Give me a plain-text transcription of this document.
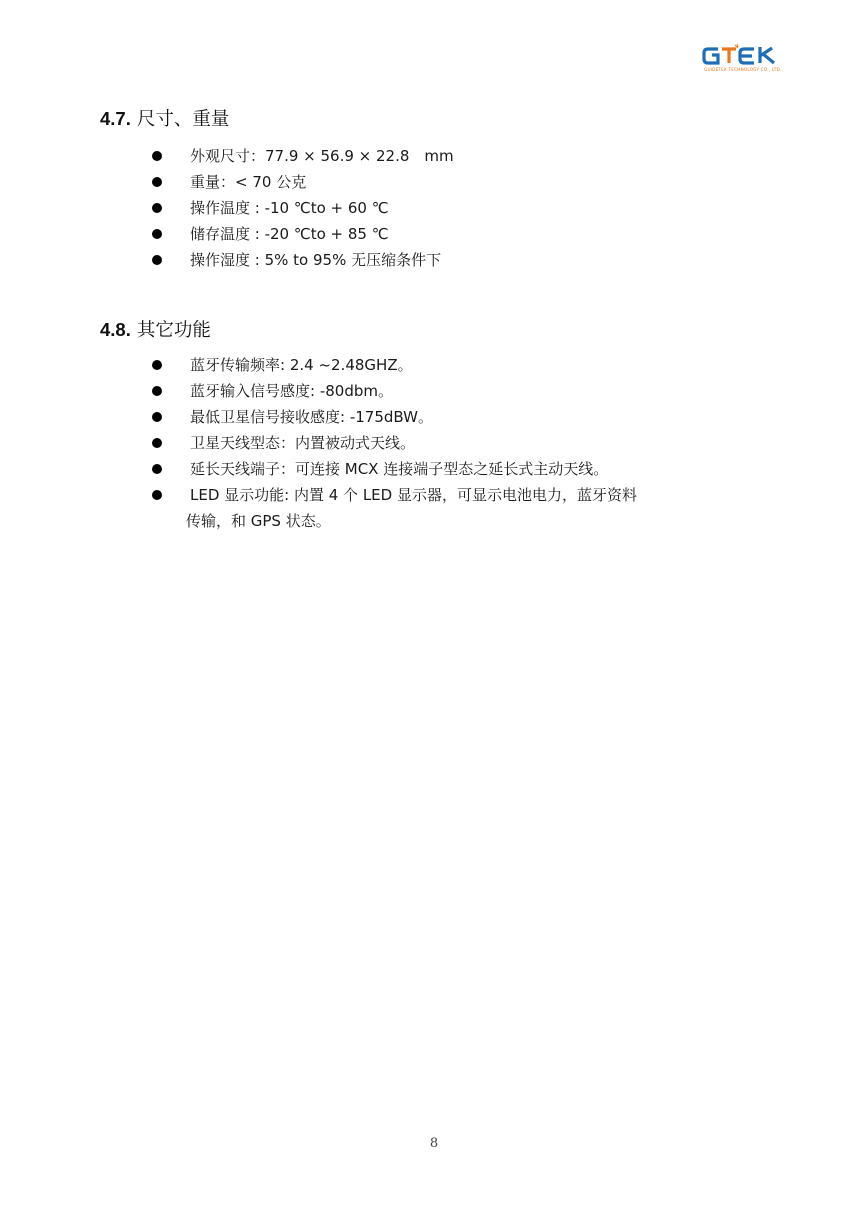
GUIDETEK TECHNOLOGY CO., LTD.
4.7. 尺寸、重量
外观尺寸：77.9 × 56.9 × 22.8　mm
重量：< 70 公克
操作温度 : -10 ℃to + 60 ℃
储存温度 : -20 ℃to + 85 ℃
操作湿度 : 5% to 95% 无压缩条件下
4.8. 其它功能
蓝牙传输频率: 2.4 ~2.48GHZ。
蓝牙输入信号感度: -80dbm。
最低卫星信号接收感度: -175dBW。
卫星天线型态：内置被动式天线。
延长天线端子：可连接 MCX 连接端子型态之延长式主动天线。
LED 显示功能: 内置 4 个 LED 显示器，可显示电池电力，蓝牙资料
传输，和 GPS 状态。
8
